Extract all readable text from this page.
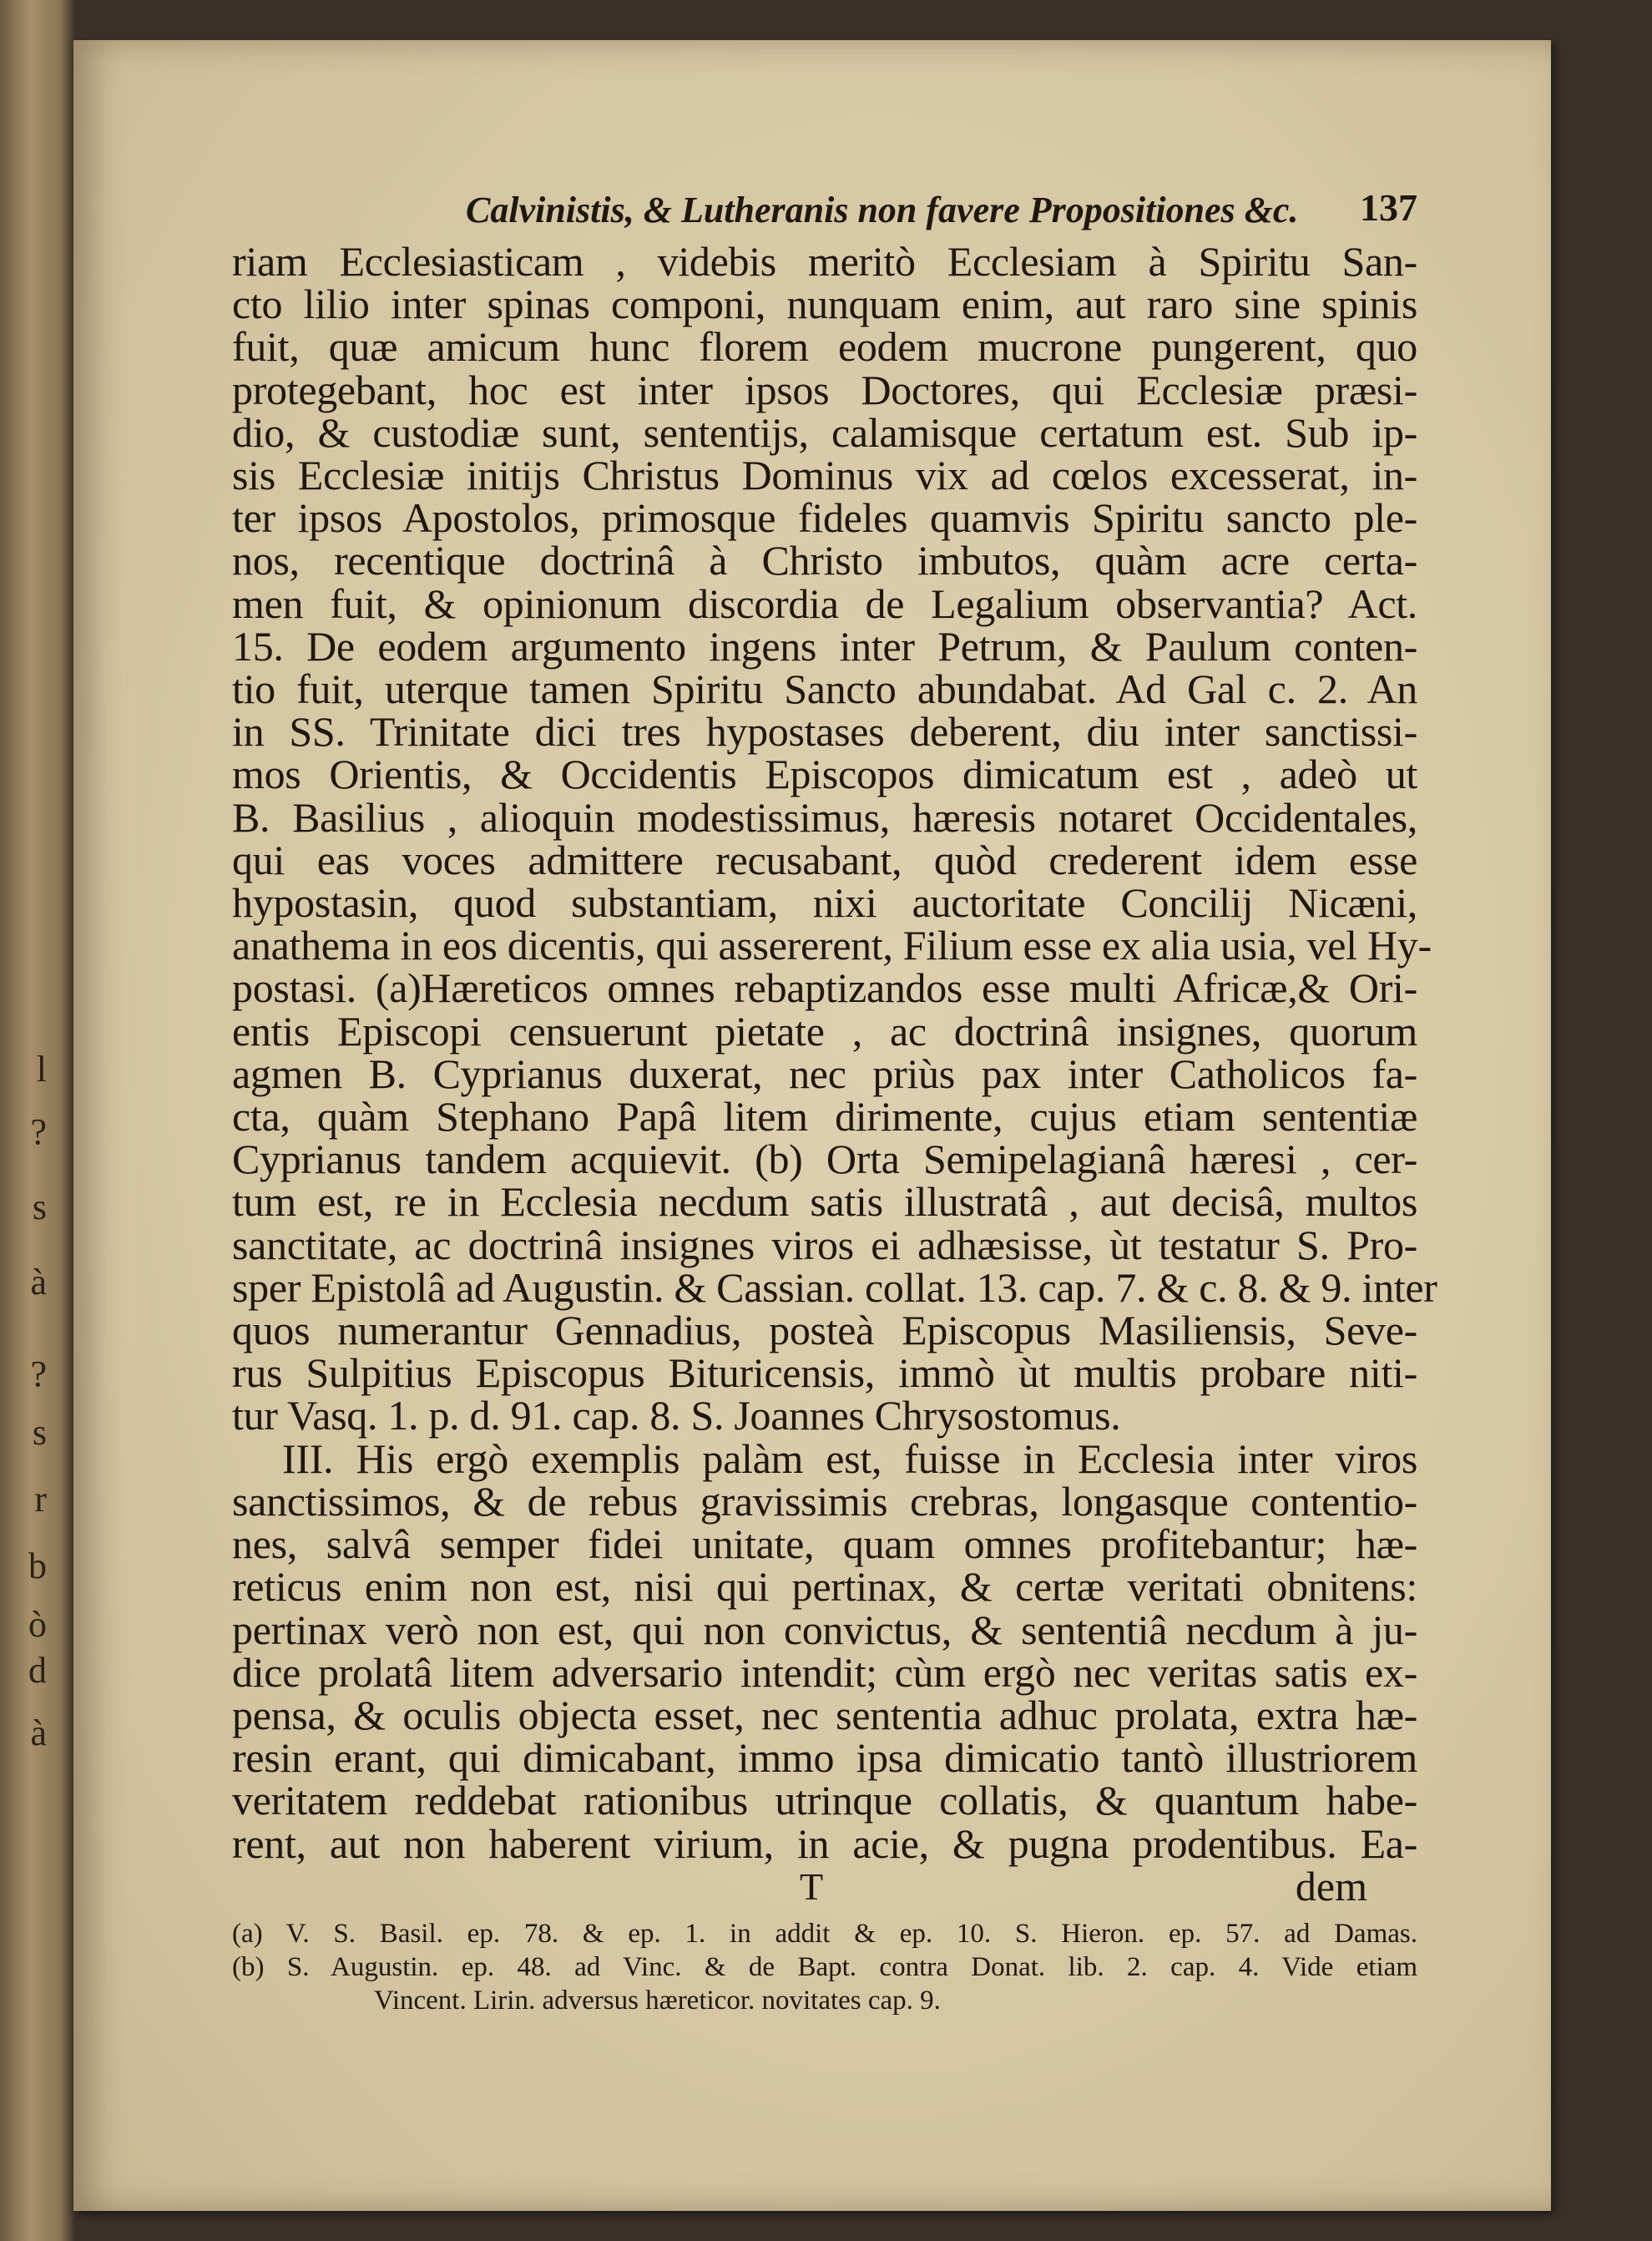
l
?
s
à
?
s
r
b
ò
d
à
Calvinistis, & Lutheranis non favere Propositiones &c. 137
riam Ecclesiasticam , videbis meritò Ecclesiam à Spiritu San-
cto lilio inter spinas componi, nunquam enim, aut raro sine spinis
fuit, quæ amicum hunc florem eodem mucrone pungerent, quo
protegebant, hoc est inter ipsos Doctores, qui Ecclesiæ præsi-
dio, & custodiæ sunt, sententijs, calamisque certatum est. Sub ip-
sis Ecclesiæ initijs Christus Dominus vix ad cœlos excesserat, in-
ter ipsos Apostolos, primosque fideles quamvis Spiritu sancto ple-
nos, recentique doctrinâ à Christo imbutos, quàm acre certa-
men fuit, & opinionum discordia de Legalium observantia? Act.
15. De eodem argumento ingens inter Petrum, & Paulum conten-
tio fuit, uterque tamen Spiritu Sancto abundabat. Ad Gal c. 2. An
in SS. Trinitate dici tres hypostases deberent, diu inter sanctissi-
mos Orientis, & Occidentis Episcopos dimicatum est , adeò ut
B. Basilius , alioquin modestissimus, hæresis notaret Occidentales,
qui eas voces admittere recusabant, quòd crederent idem esse
hypostasin, quod substantiam, nixi auctoritate Concilij Nicæni,
anathema in eos dicentis, qui assererent, Filium esse ex alia usia, vel Hy-
postasi. (a)Hæreticos omnes rebaptizandos esse multi Africæ,& Ori-
entis Episcopi censuerunt pietate , ac doctrinâ insignes, quorum
agmen B. Cyprianus duxerat, nec priùs pax inter Catholicos fa-
cta, quàm Stephano Papâ litem dirimente, cujus etiam sententiæ
Cyprianus tandem acquievit. (b) Orta Semipelagianâ hæresi , cer-
tum est, re in Ecclesia necdum satis illustratâ , aut decisâ, multos
sanctitate, ac doctrinâ insignes viros ei adhæsisse, ùt testatur S. Pro-
sper Epistolâ ad Augustin. & Cassian. collat. 13. cap. 7. & c. 8. & 9. inter
quos numerantur Gennadius, posteà Episcopus Masiliensis, Seve-
rus Sulpitius Episcopus Bituricensis, immò ùt multis probare niti-
tur Vasq. 1. p. d. 91. cap. 8. S. Joannes Chrysostomus.
III. His ergò exemplis palàm est, fuisse in Ecclesia inter viros
sanctissimos, & de rebus gravissimis crebras, longasque contentio-
nes, salvâ semper fidei unitate, quam omnes profitebantur; hæ-
reticus enim non est, nisi qui pertinax, & certæ veritati obnitens:
pertinax verò non est, qui non convictus, & sententiâ necdum à ju-
dice prolatâ litem adversario intendit; cùm ergò nec veritas satis ex-
pensa, & oculis objecta esset, nec sententia adhuc prolata, extra hæ-
resin erant, qui dimicabant, immo ipsa dimicatio tantò illustriorem
veritatem reddebat rationibus utrinque collatis, & quantum habe-
rent, aut non haberent virium, in acie, & pugna prodentibus. Ea-
T	dem
(a) V. S. Basil. ep. 78. & ep. 1. in addit & ep. 10. S. Hieron. ep. 57. ad Damas.
(b) S. Augustin. ep. 48. ad Vinc. & de Bapt. contra Donat. lib. 2. cap. 4. Vide etiam
Vincent. Lirin. adversus hæreticor. novitates cap. 9.
